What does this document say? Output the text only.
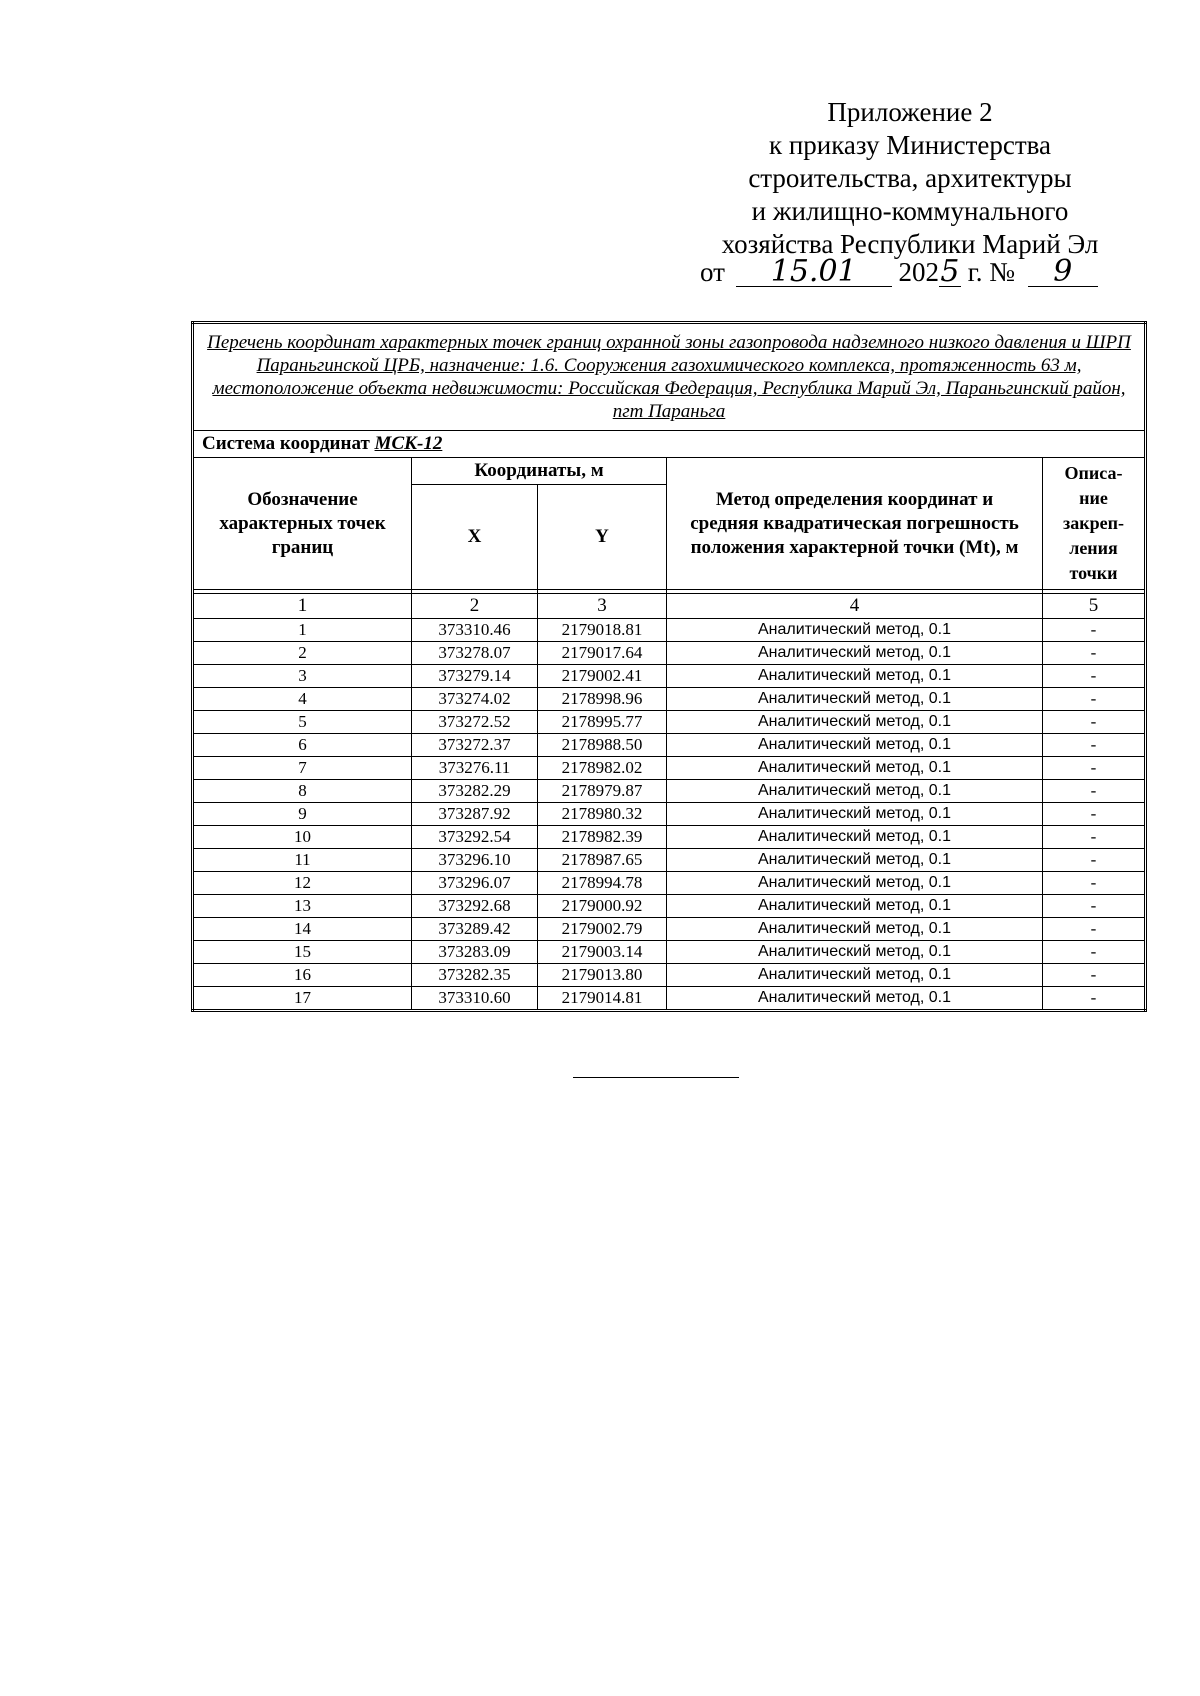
Приложение 2
к приказу Министерства
строительства, архитектуры
и жилищно-коммунального
хозяйства Республики Марий Эл
от 15.01 2025 г. № 9
Перечень координат характерных точек границ охранной зоны газопровода надземного низкого давления и ШРП Параньгинской ЦРБ, назначение: 1.6. Сооружения газохимического комплекса, протяженность 63 м, местоположение объекта недвижимости: Российская Федерация, Республика Марий Эл, Параньгинский район, пгт Параньга				
Система координат МСК-12				
Обозначение характерных точек границ	Координаты, м		Метод определения координат и средняя квадратическая погрешность положения характерной точки (Mt), м	Описа- ние закреп- ления точки
	X	Y		

1	2	3	4	5
1	373310.46	2179018.81	Аналитический метод, 0.1	-
2	373278.07	2179017.64	Аналитический метод, 0.1	-
3	373279.14	2179002.41	Аналитический метод, 0.1	-
4	373274.02	2178998.96	Аналитический метод, 0.1	-
5	373272.52	2178995.77	Аналитический метод, 0.1	-
6	373272.37	2178988.50	Аналитический метод, 0.1	-
7	373276.11	2178982.02	Аналитический метод, 0.1	-
8	373282.29	2178979.87	Аналитический метод, 0.1	-
9	373287.92	2178980.32	Аналитический метод, 0.1	-
10	373292.54	2178982.39	Аналитический метод, 0.1	-
11	373296.10	2178987.65	Аналитический метод, 0.1	-
12	373296.07	2178994.78	Аналитический метод, 0.1	-
13	373292.68	2179000.92	Аналитический метод, 0.1	-
14	373289.42	2179002.79	Аналитический метод, 0.1	-
15	373283.09	2179003.14	Аналитический метод, 0.1	-
16	373282.35	2179013.80	Аналитический метод, 0.1	-
17	373310.60	2179014.81	Аналитический метод, 0.1	-
